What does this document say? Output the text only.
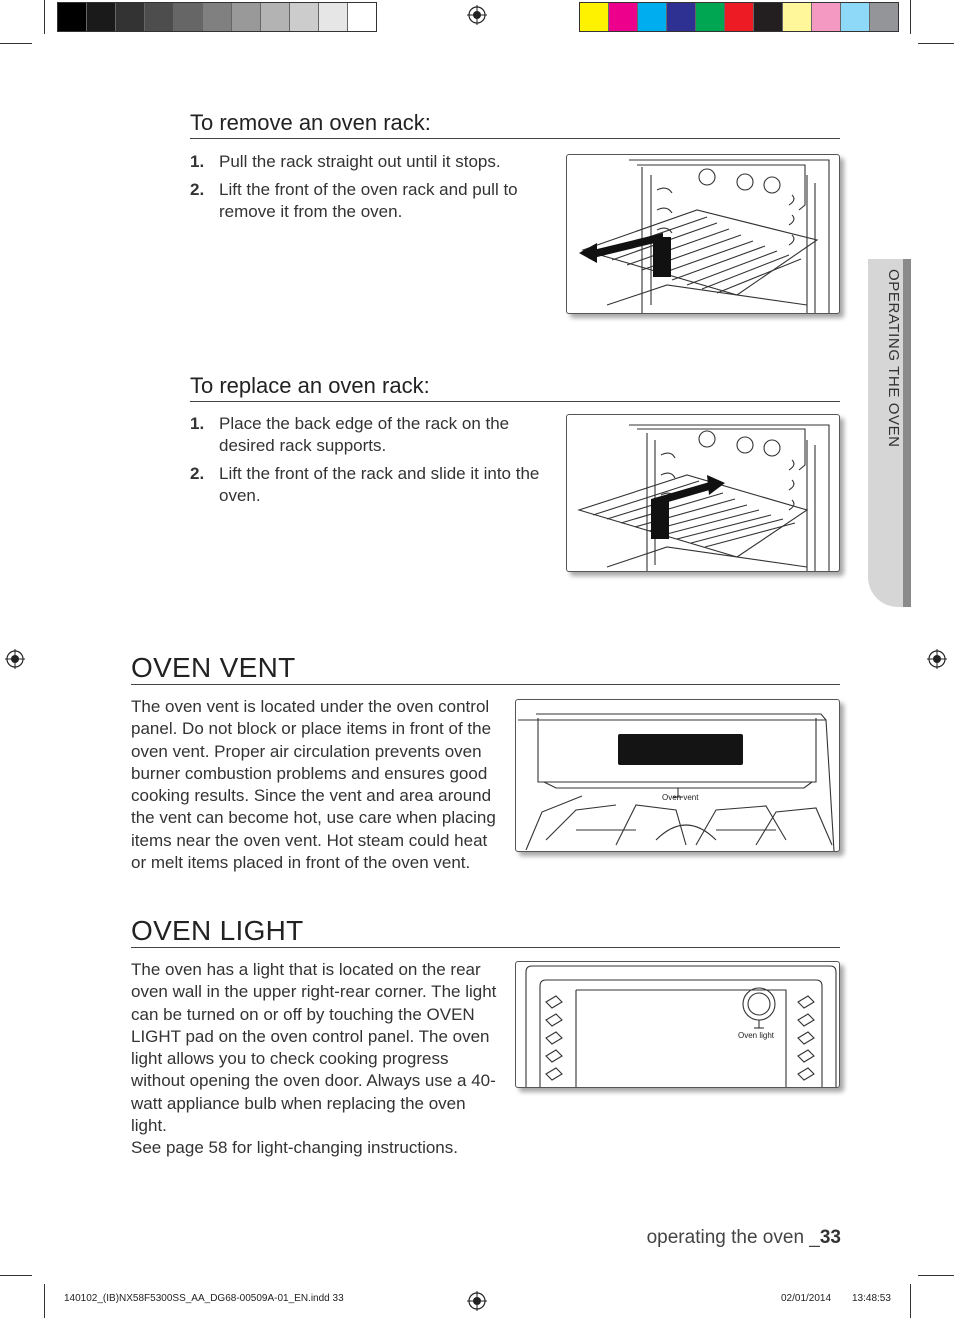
OPERATING THE OVEN
To remove an oven rack:
1. Pull the rack straight out until it stops.
2. Lift the front of the oven rack and pull to remove it from the oven.
To replace an oven rack:
1. Place the back edge of the rack on the desired rack supports.
2. Lift the front of the rack and slide it into the oven.
OVEN VENT
The oven vent is located under the oven control panel. Do not block or place items in front of the oven vent. Proper air circulation prevents oven burner combustion problems and ensures good cooking results. Since the vent and area around the vent can become hot, use care when placing items near the oven vent. Hot steam could heat or melt items placed in front of the oven vent.
Oven vent
OVEN LIGHT
The oven has a light that is located on the rear oven wall in the upper right-rear corner. The light can be turned on or off by touching the OVEN LIGHT pad on the oven control panel. The oven light allows you to check cooking progress without opening the oven door. Always use a 40-watt appliance bulb when replacing the oven light.
See page 58 for light-changing instructions.
Oven light
operating the oven _33
140102_(IB)NX58F5300SS_AA_DG68-00509A-01_EN.indd 33	02/01/2014 13:48:53
